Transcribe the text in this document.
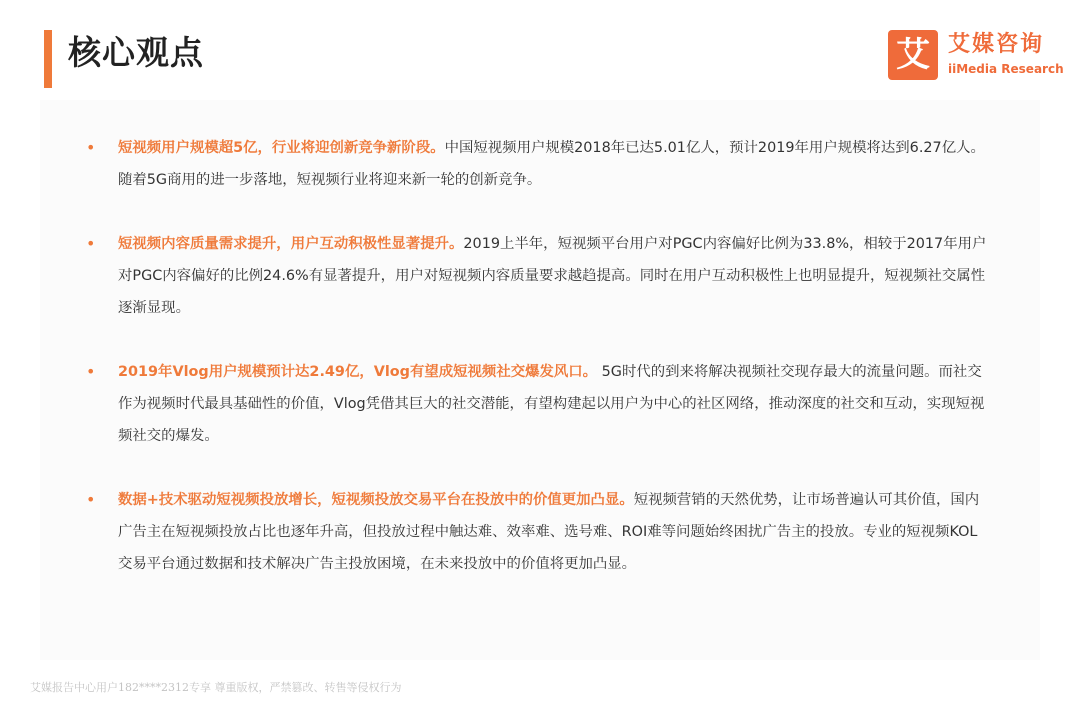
核心观点	艾 艾媒咨询
iiMedia Research
• 短视频用户规模超5亿，行业将迎创新竞争新阶段。中国短视频用户规模2018年已达5.01亿人，预计2019年用户规模将达到6.27亿人。随着5G商用的进一步落地，短视频行业将迎来新一轮的创新竞争。
• 短视频内容质量需求提升，用户互动积极性显著提升。2019上半年，短视频平台用户对PGC内容偏好比例为33.8%，相较于2017年用户对PGC内容偏好的比例24.6%有显著提升，用户对短视频内容质量要求越趋提高。同时在用户互动积极性上也明显提升，短视频社交属性逐渐显现。
• 2019年Vlog用户规模预计达2.49亿，Vlog有望成短视频社交爆发风口。 5G时代的到来将解决视频社交现存最大的流量问题。而社交作为视频时代最具基础性的价值，Vlog凭借其巨大的社交潜能，有望构建起以用户为中心的社区网络，推动深度的社交和互动，实现短视频社交的爆发。
• 数据+技术驱动短视频投放增长，短视频投放交易平台在投放中的价值更加凸显。短视频营销的天然优势，让市场普遍认可其价值，国内广告主在短视频投放占比也逐年升高，但投放过程中触达难、效率难、选号难、ROI难等问题始终困扰广告主的投放。专业的短视频KOL交易平台通过数据和技术解决广告主投放困境，在未来投放中的价值将更加凸显。
艾媒报告中心用户182****2312专享 尊重版权，严禁篡改、转售等侵权行为
